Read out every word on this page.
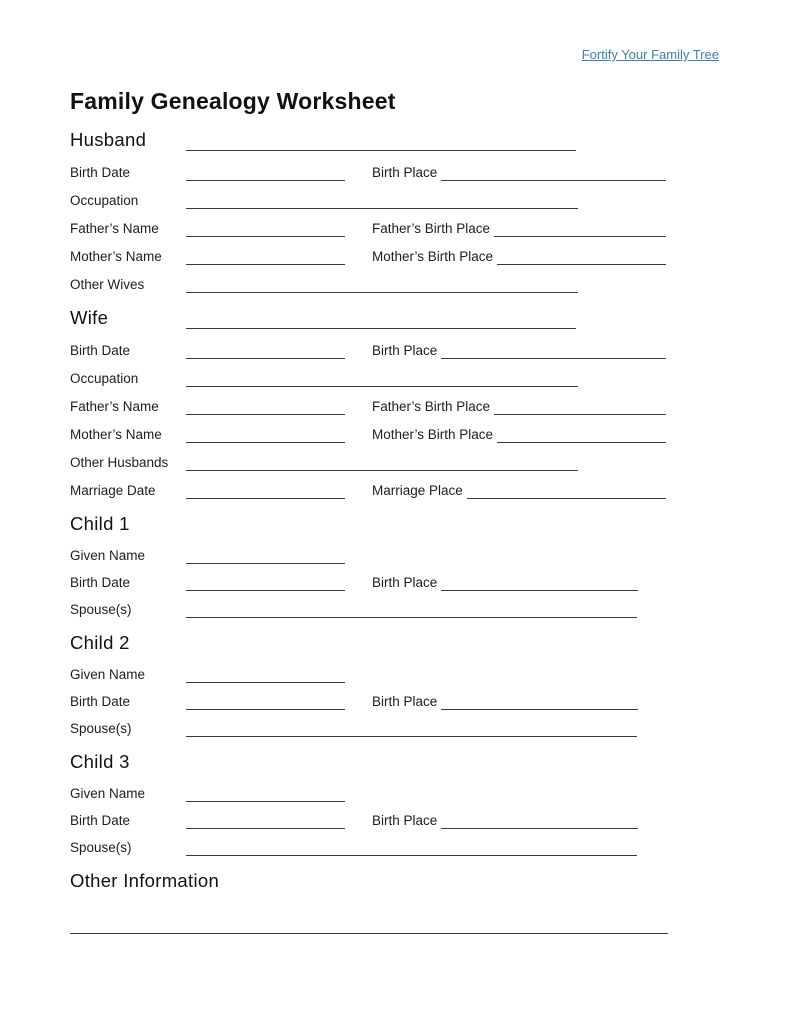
Fortify Your Family Tree
Family Genealogy Worksheet
Husband
Birth Date	Birth Place
Occupation
Father’s Name	Father’s Birth Place
Mother’s Name	Mother’s Birth Place
Other Wives
Wife
Birth Date	Birth Place
Occupation
Father’s Name	Father’s Birth Place
Mother’s Name	Mother’s Birth Place
Other Husbands
Marriage Date	Marriage Place
Child 1
Given Name
Birth Date	Birth Place
Spouse(s)
Child 2
Given Name
Birth Date	Birth Place
Spouse(s)
Child 3
Given Name
Birth Date	Birth Place
Spouse(s)
Other Information
